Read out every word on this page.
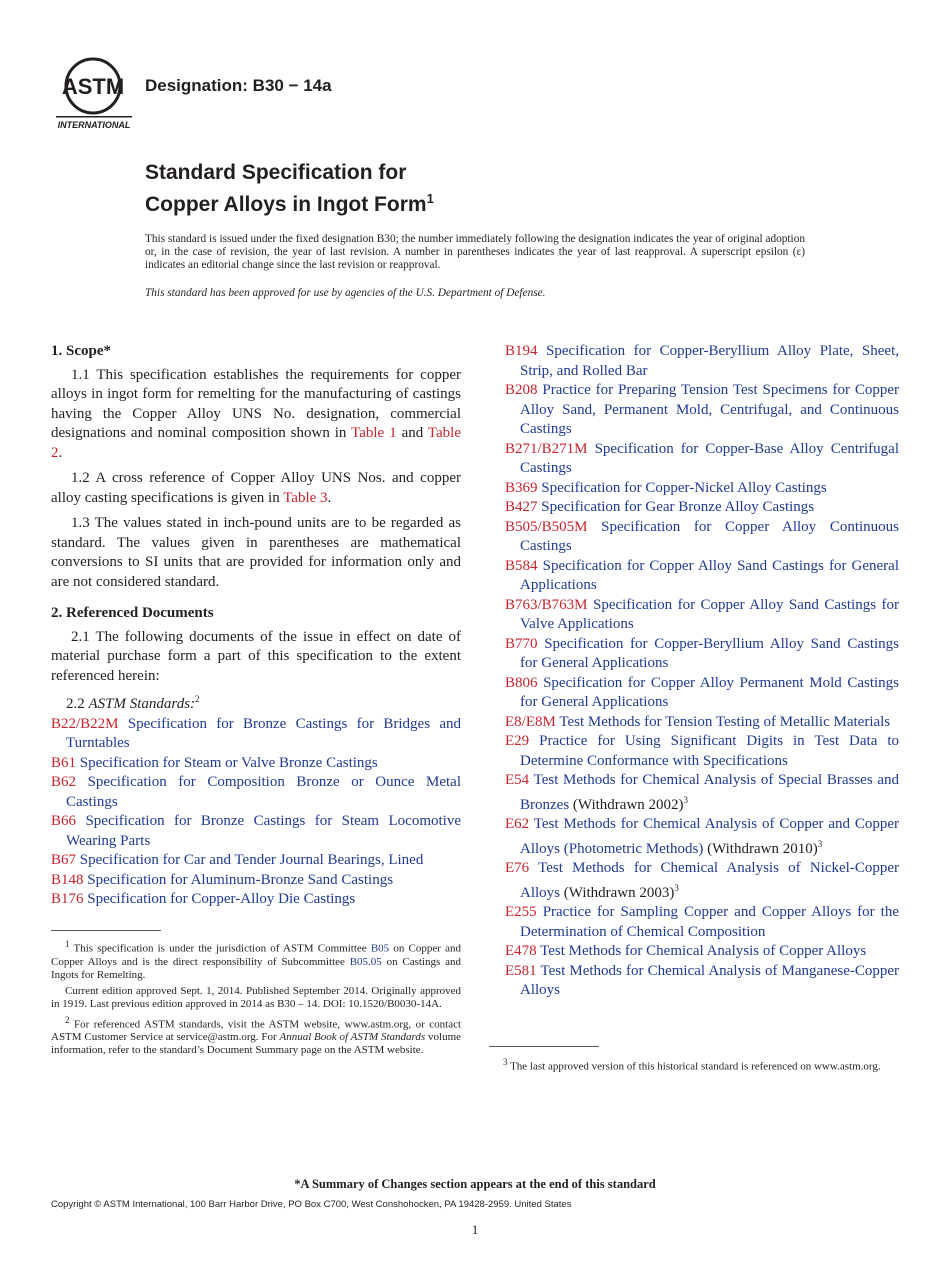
ASTM
INTERNATIONAL
Designation: B30 − 14a
Standard Specification for
Copper Alloys in Ingot Form$^1$
This standard is issued under the fixed designation B30; the number immediately following the designation indicates the year of original adoption or, in the case of revision, the year of last revision. A number in parentheses indicates the year of last reapproval. A superscript epsilon (ε) indicates an editorial change since the last revision or reapproval.
This standard has been approved for use by agencies of the U.S. Department of Defense.
1. Scope*
1.1 This specification establishes the requirements for copper alloys in ingot form for remelting for the manufacturing of castings having the Copper Alloy UNS No. designation, commercial designations and nominal composition shown in Table 1 and Table 2.
1.2 A cross reference of Copper Alloy UNS Nos. and copper alloy casting specifications is given in Table 3.
1.3 The values stated in inch-pound units are to be regarded as standard. The values given in parentheses are mathematical conversions to SI units that are provided for information only and are not considered standard.
2. Referenced Documents
2.1 The following documents of the issue in effect on date of material purchase form a part of this specification to the extent referenced herein:
2.2 ASTM Standards:$^2$
B22/B22M Specification for Bronze Castings for Bridges and Turntables
B61 Specification for Steam or Valve Bronze Castings
B62 Specification for Composition Bronze or Ounce Metal Castings
B66 Specification for Bronze Castings for Steam Locomotive Wearing Parts
B67 Specification for Car and Tender Journal Bearings, Lined
B148 Specification for Aluminum-Bronze Sand Castings
B176 Specification for Copper-Alloy Die Castings
B194 Specification for Copper-Beryllium Alloy Plate, Sheet, Strip, and Rolled Bar
B208 Practice for Preparing Tension Test Specimens for Copper Alloy Sand, Permanent Mold, Centrifugal, and Continuous Castings
B271/B271M Specification for Copper-Base Alloy Centrifugal Castings
B369 Specification for Copper-Nickel Alloy Castings
B427 Specification for Gear Bronze Alloy Castings
B505/B505M Specification for Copper Alloy Continuous Castings
B584 Specification for Copper Alloy Sand Castings for General Applications
B763/B763M Specification for Copper Alloy Sand Castings for Valve Applications
B770 Specification for Copper-Beryllium Alloy Sand Castings for General Applications
B806 Specification for Copper Alloy Permanent Mold Castings for General Applications
E8/E8M Test Methods for Tension Testing of Metallic Materials
E29 Practice for Using Significant Digits in Test Data to Determine Conformance with Specifications
E54 Test Methods for Chemical Analysis of Special Brasses and Bronzes (Withdrawn 2002)$^3$
E62 Test Methods for Chemical Analysis of Copper and Copper Alloys (Photometric Methods) (Withdrawn 2010)$^3$
E76 Test Methods for Chemical Analysis of Nickel-Copper Alloys (Withdrawn 2003)$^3$
E255 Practice for Sampling Copper and Copper Alloys for the Determination of Chemical Composition
E478 Test Methods for Chemical Analysis of Copper Alloys
E581 Test Methods for Chemical Analysis of Manganese-Copper Alloys

$^1$ This specification is under the jurisdiction of ASTM Committee B05 on Copper and Copper Alloys and is the direct responsibility of Subcommittee B05.05 on Castings and Ingots for Remelting.

Current edition approved Sept. 1, 2014. Published September 2014. Originally approved in 1919. Last previous edition approved in 2014 as B30 – 14. DOI: 10.1520/B0030-14A.

$^2$ For referenced ASTM standards, visit the ASTM website, www.astm.org, or contact ASTM Customer Service at service@astm.org. For Annual Book of ASTM Standards volume information, refer to the standard’s Document Summary page on the ASTM website.

$^3$ The last approved version of this historical standard is referenced on www.astm.org.

*A Summary of Changes section appears at the end of this standard
Copyright © ASTM International, 100 Barr Harbor Drive, PO Box C700, West Conshohocken, PA 19428-2959. United States
1
